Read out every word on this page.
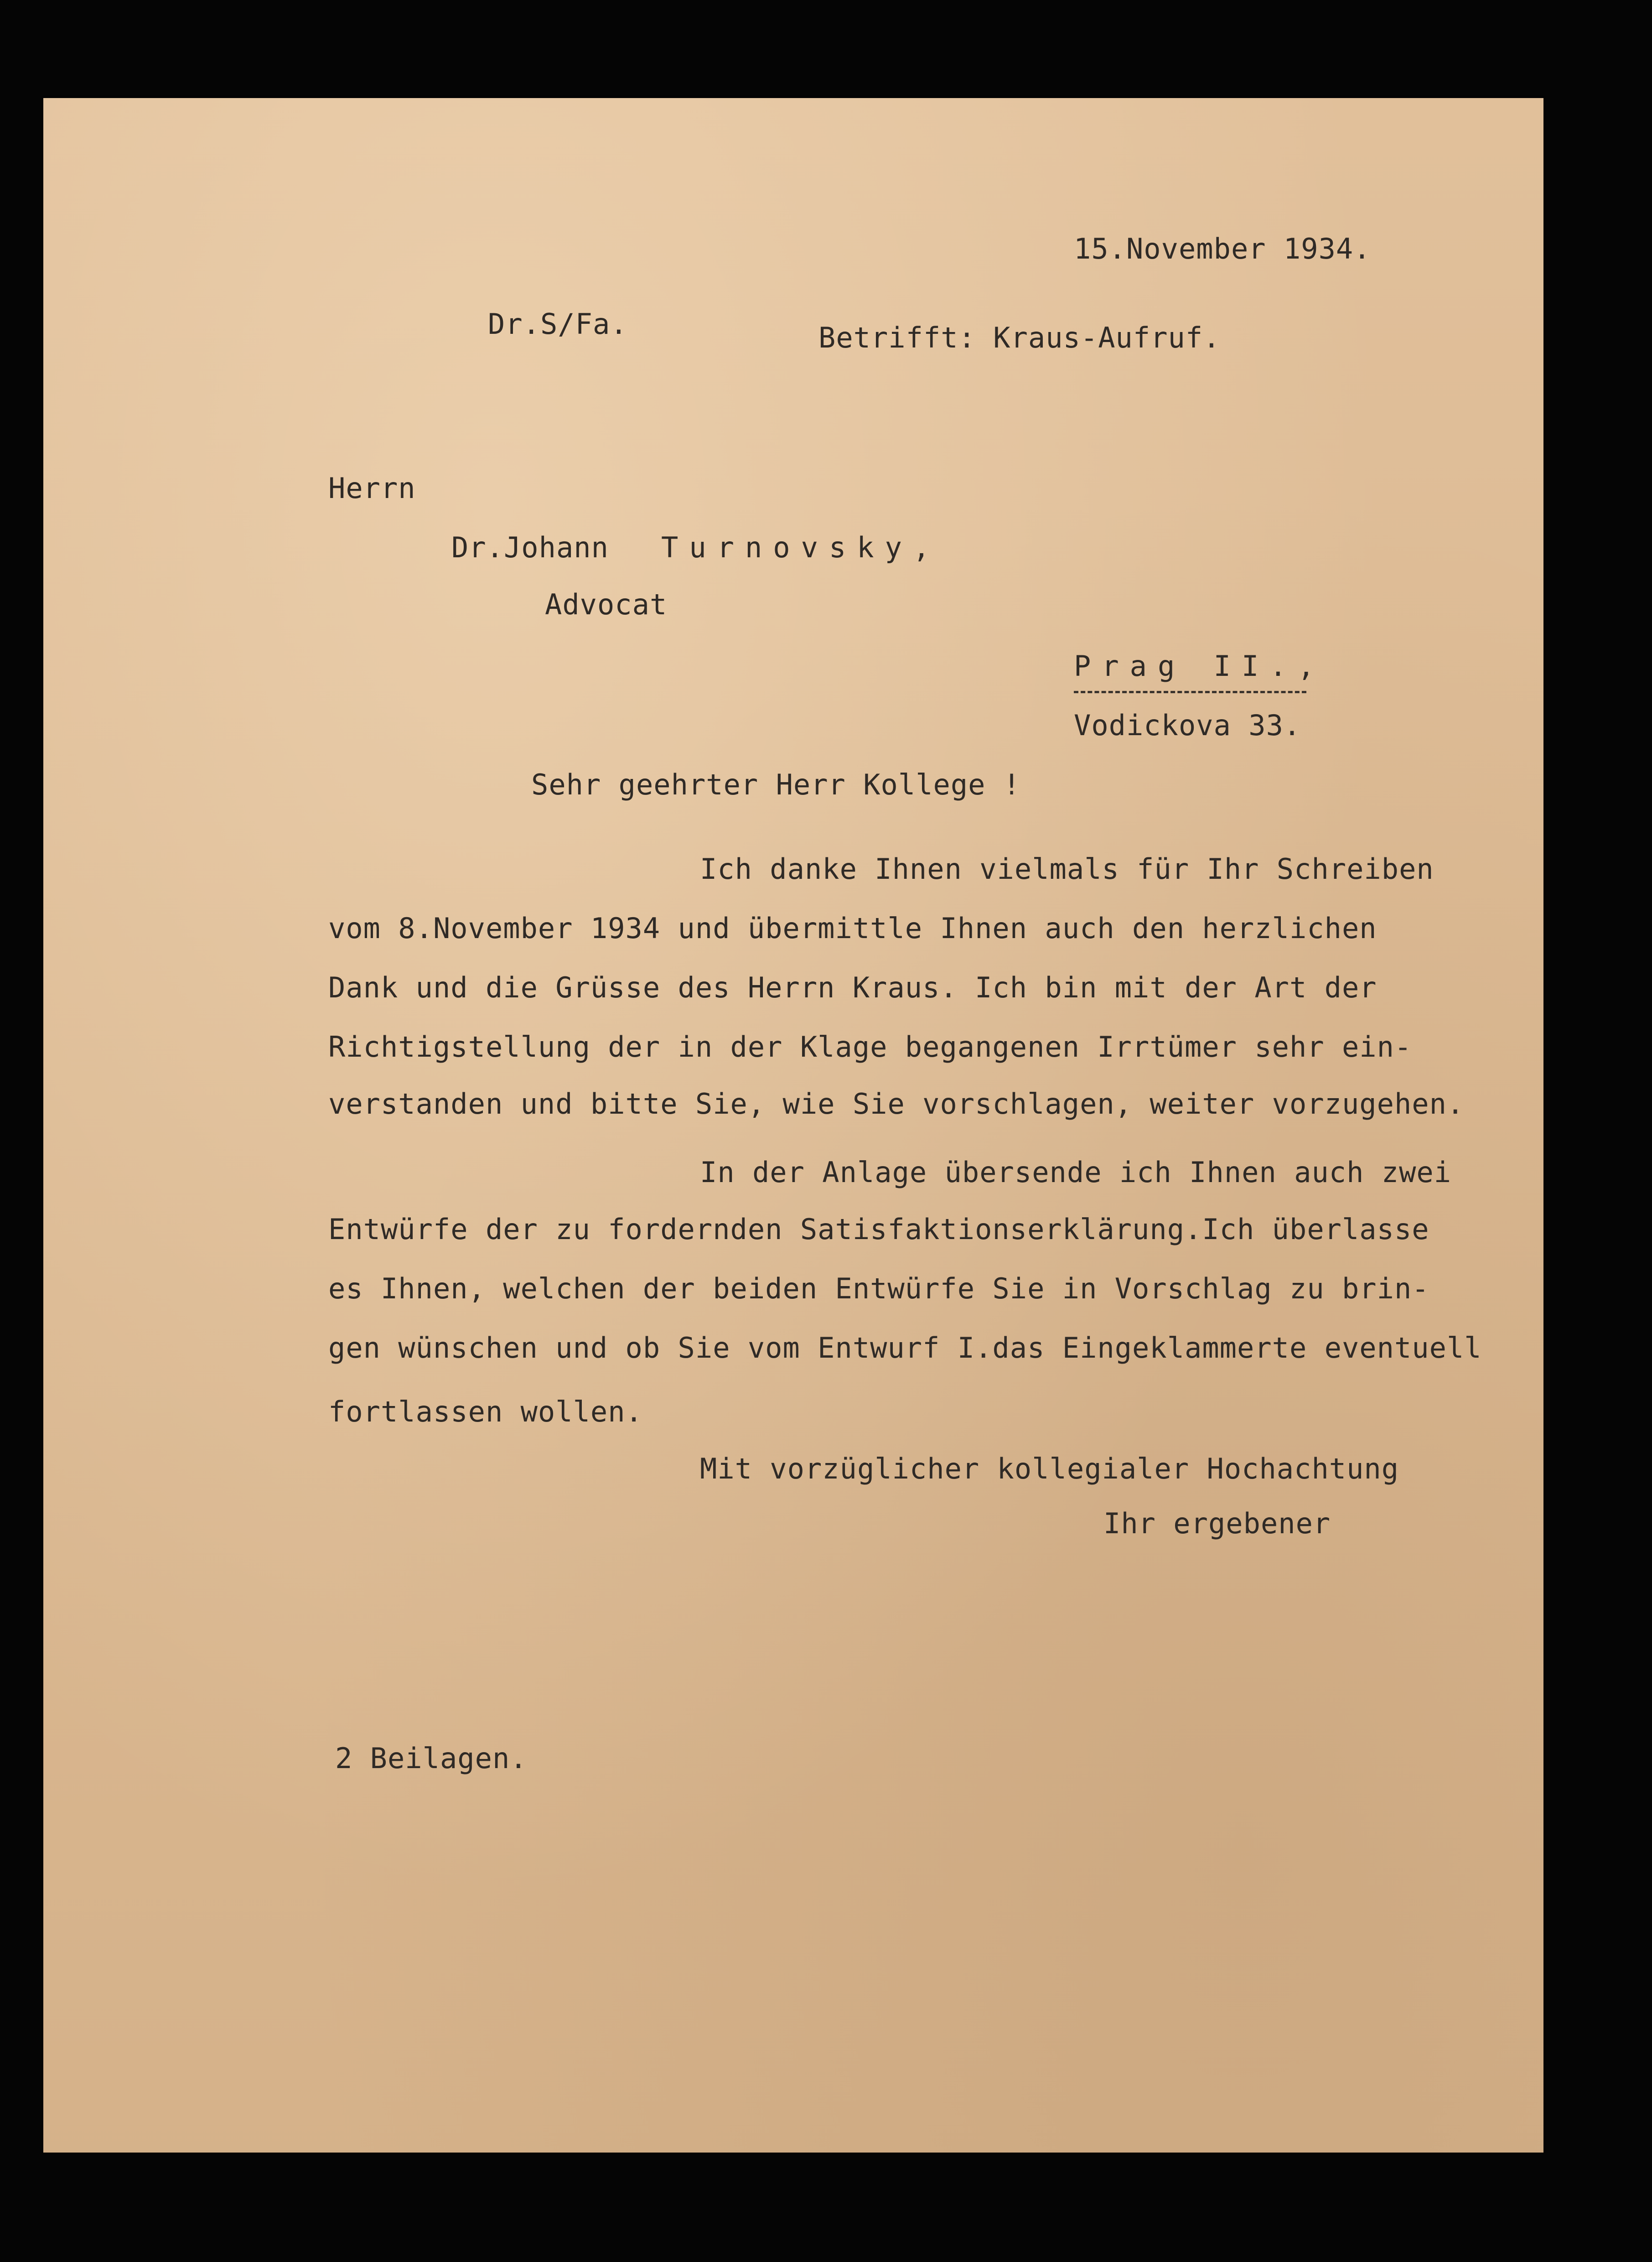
15.November 1934.
Dr.S/Fa.	Betrifft: Kraus-Aufruf.
Herrn
Dr.Johann Turnovsky,
Advocat
Prag II.,
Vodickova 33.
Sehr geehrter Herr Kollege !
Ich danke Ihnen vielmals für Ihr Schreiben
vom 8.November 1934 und übermittle Ihnen auch den herzlichen
Dank und die Grüsse des Herrn Kraus. Ich bin mit der Art der
Richtigstellung der in der Klage begangenen Irrtümer sehr ein-
verstanden und bitte Sie, wie Sie vorschlagen, weiter vorzugehen.
In der Anlage übersende ich Ihnen auch zwei
Entwürfe der zu fordernden Satisfaktionserklärung.Ich überlasse
es Ihnen, welchen der beiden Entwürfe Sie in Vorschlag zu brin-
gen wünschen und ob Sie vom Entwurf I.das Eingeklammerte eventuell
fortlassen wollen.
Mit vorzüglicher kollegialer Hochachtung
Ihr ergebener
2 Beilagen.
